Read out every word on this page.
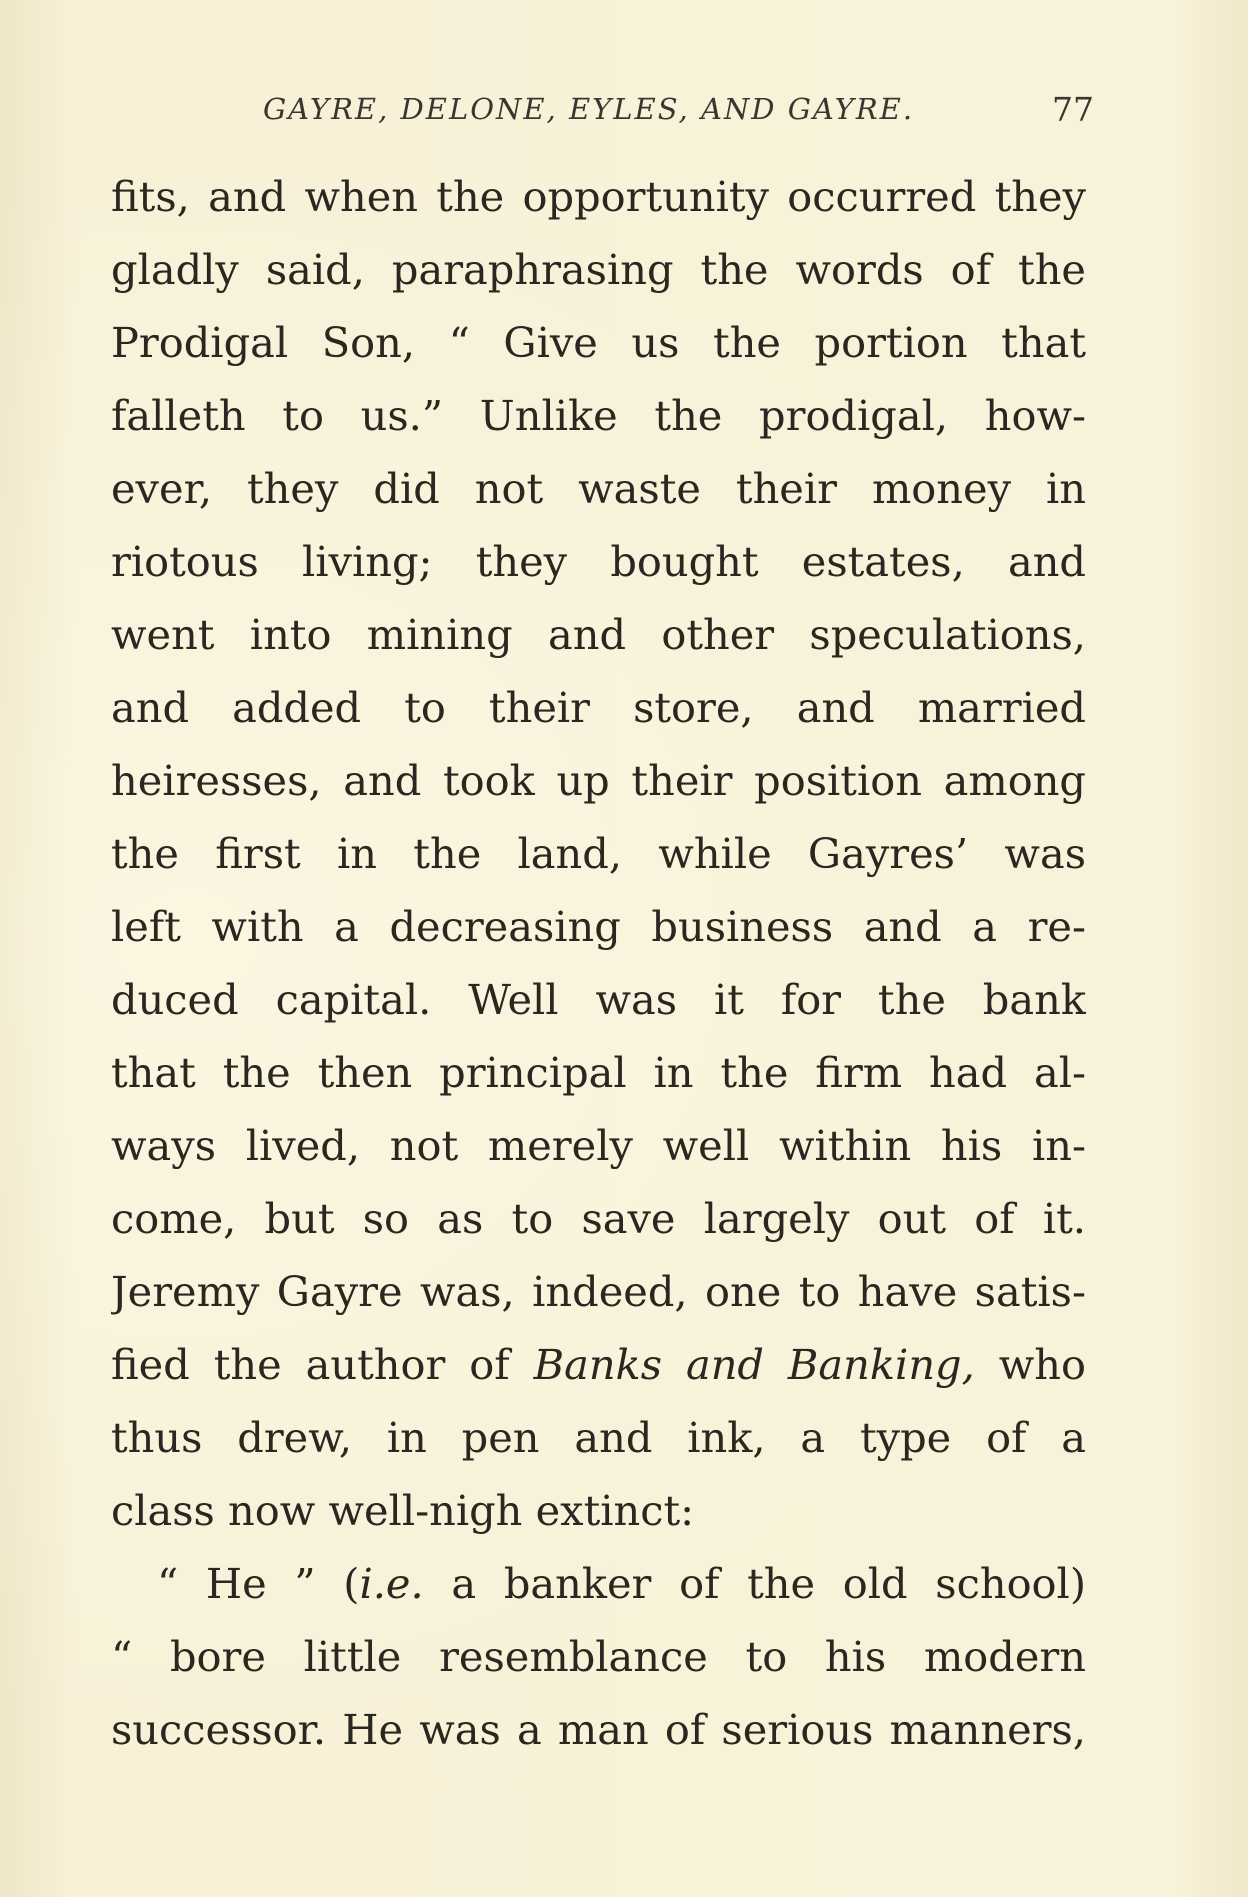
GAYRE, DELONE, EYLES, AND GAYRE.	77
fits, and when the opportunity occurred they
gladly said, paraphrasing the words of the
Prodigal Son, “ Give us the portion that
falleth to us.” Unlike the prodigal, how-
ever, they did not waste their money in
riotous living; they bought estates, and
went into mining and other speculations,
and added to their store, and married
heiresses, and took up their position among
the first in the land, while Gayres’ was
left with a decreasing business and a re-
duced capital. Well was it for the bank
that the then principal in the firm had al-
ways lived, not merely well within his in-
come, but so as to save largely out of it.
Jeremy Gayre was, indeed, one to have satis-
fied the author of Banks and Banking, who
thus drew, in pen and ink, a type of a
class now well-nigh extinct:
“ He ” (i.e. a banker of the old school)
“ bore little resemblance to his modern
successor. He was a man of serious manners,
